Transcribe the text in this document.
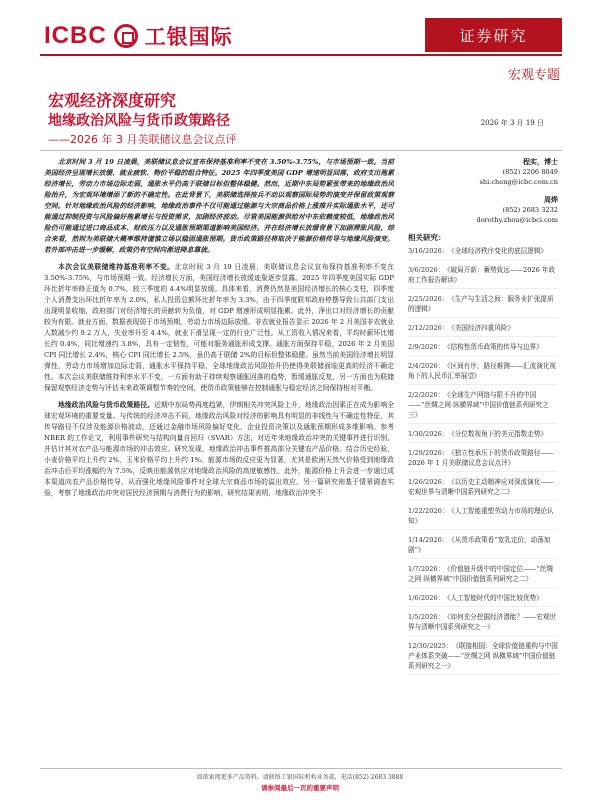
ICBC 工银国际	证券研究
宏观专题
宏观经济深度研究
地缘政治风险与货币政策路径
——2026 年 3 月美联储议息会议点评
2026 年 3 月 19 日

北京时间 3 月 19 日凌晨，美联储议息会议宣布保持基准利率不变在 3.50%-3.75%，与市场预期一致。当前美国经济呈现增长放缓、就业疲软、物价平稳的组合特征。2025 年四季度美国 GDP 增速明显回落，政府支出拖累经济增长，劳动力市场边际走弱，通胀水平仍高于联储目标但整体稳健。然而，近期中东局势紧张带来的地缘政治风险抬升，为宏观环境增添了新的不确定性。在此背景下，美联储选择按兵不动以观察国际局势的演变并保留政策观察空间。针对地缘政治风险的经济影响，地缘政治事件不仅可能通过能源与大宗商品价格上涨推升实际通胀水平，还可能通过抑制投资与风险偏好拖累增长与投资需求，加剧经济波动。尽管美国能源供给对中东依赖度较低，地缘政治风险仍可能通过进口商品成本、财政压力以及通胀预期渠道影响美国经济。并在经济增长放缓背景下加剧滞胀风险，综合来看，然则为美联储大概率维持谨慎立场以稳固通胀预期。货币政策路径将取决于能源价格传导与地缘风险演变。若外部冲击进一步缓解，政策仍有空间向渐进降息靠拢。

本次会议美联储维持基准利率不变。北京时间 3 月 19 日凌晨，美联储议息会议宣布保持基准利率不变在 3.50%-3.75%，与市场预期一致。经济增长方面，美国经济增长放缓迹象逐步显露。2025 年四季度美国实际 GDP 环比折年率修正值为 0.7%，较三季度的 4.4%明显放缓。具体来看，消费仍然是美国经济增长的核心支柱，四季度个人消费支出环比折年率为 2.0%，私人投资总额环比折年率为 3.3%，由于四季度联邦政府停摆导致公共部门支出出现明显收缩，政府部门对经济增长的贡献转为负值，对 GDP 增速形成明显拖累。此外，净出口对经济增长的贡献较为有限。就业方面，数据表现弱于市场预期，劳动力市场边际放缓。非农就业报告显示 2026 年 2 月美国非农就业人数减少约 9.2 万人，失业率升至 4.4%，就业下滑呈现一定的行业广泛性。从工资收入情况来看，平均时薪环比增长约 0.4%，同比增速约 3.8%，具有一定韧性，可能对服务通胀形成支撑。通胀方面保持平稳，2026 年 2 月美国 CPI 同比增长 2.4%，核心 CPI 同比增长 2.5%，虽仍高于联储 2%的目标但整体稳健。虽然当前美国经济增长明显弹性，劳动力市场增加边际走弱，通胀水平保持平稳，全球地缘政治风险抬升仍使得美联储面临更高的经济不确定性。本次会议美联储维持利率水平不变，一方面有助于持续观察通胀回落的趋势，暂缓通胀反复，另一方面也为联储保留观察经济走势与评估未来政策调整节奏的空间，使货币政策能够在控制通胀与稳定经济之间保持相对平衡。

地缘政治风险与货币政策路径。近期中东局势再度趋紧，伊朗相关冲突风险上升，地缘政治因素正在成为影响全球宏观环境的重要变量。与传统的经济冲击不同，地缘政治风险对经济的影响具有明显的非线性与不确定性特征，其传导路径不仅涉及能源价格波动，还通过金融市场风险偏好变化、企业投资决策以及通胀预期形成多维影响。参考 NBER 的工作论文，利用事件研究与结构向量自回归（SVAR）方法，对近年来地缘政治冲突的关键事件进行识别，并估计其对农产品与能源市场的冲击效应。研究发现，地缘政治冲击事件推高部分关键农产品价格。结合历史经验，小麦价格平均上升约 2%，玉米价格平均上升约 1%。能源市场的反应更为显著，尤其是欧洲天然气价格受到地缘政治冲击后平均涨幅约为 7.5%，反映出能源供应对地缘政治风险的高度敏感性。此外，能源价格上升会进一步通过成本渠道向农产品价格传导，从而强化地缘风险事件对全球大宗商品市场的溢出效应。另一篇研究则基于情景调查实验，考察了地缘政治冲突对居民经济预期与消费行为的影响，研究结果表明，地缘政治冲突不

程实，博士
(852) 2206 8049
shi.cheng@icbc.com.cn
周烨
(852) 2683 3232
dorothy.zhou@icbci.com
相关研究：
3/16/2026： 《全球经济秩序变化的底层逻辑》
3/6/2026： 《破局开新：蓄势致远——2026 年政府工作报告解读》
2/25/2026： 《生产与生活之间：服务业扩张提质的逻辑》
2/12/2026： 《美国经济四重风险》
2/9/2026： 《结构性货币政策的传导与边界》
2/4/2026： 《区间有序，路径难测——汇流演化视角下的人民币汇率展望》
2/2/2026： 《全球生产网络与限不升的中国——“丝绸之网 纵横界域”中国价值链系列研究之三》
1/30/2026： 《分位数视角下的美元指数走势》
1/29/2026： 《独立性承压下的货币政策路径——2026 年 1 月美联储议息会议点评》
1/26/2026： 《以历史主动精神应对深流演化——宏观世界与清晰中国系列研究之二》
1/22/2026： 《人工智能重塑劳动力市场的理论认知》
1/14/2026： 《从货币政策看“宽乳定价，动荡加剧”》
1/7/2026： 《价值链升级中的中国定位——“丝绸之网 纵横界域”中国价值链系列研究之二》
1/6/2026： 《人工智能时代的中国比较优势》
1/5/2026： 《如何充分挖掘经济潜能？——宏观世界与清晰中国系列研究之一》
12/30/2025： 《联接相国：全球价值链重构与中国产业体系突破——“丝绸之网 纵横界域”中国价值链系列研究之一》
如欲索阅更多产品资料，请联络工银国际机构业务部，电话(852) 2683 3888
请参阅最后一页的重要声明
